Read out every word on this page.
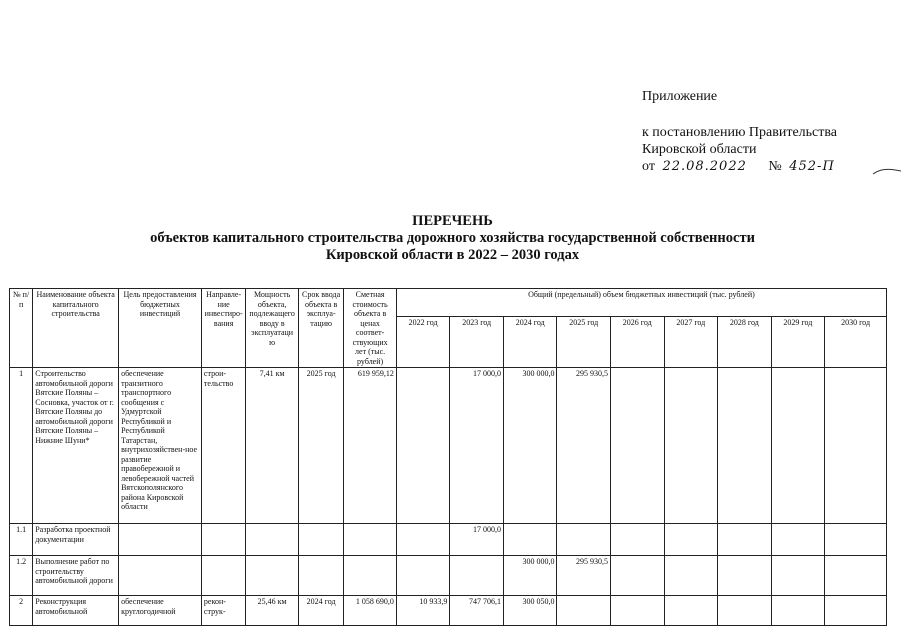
Приложение
к постановлению Правительства
Кировской области
от 22.08.2022 № 452-П
ПЕРЕЧЕНЬ
объектов капитального строительства дорожного хозяйства государственной собственности
Кировской области в 2022 – 2030 годах
№ п/п	Наименование объекта капитального строительства	Цель предоставления бюджетных инвестиций	Направле-ние инвестиро-вания	Мощность объекта, подлежащего вводу в эксплуатацию	Срок ввода объекта в эксплуа-тацию	Сметная стоимость объекта в ценах соответ-ствующих лет (тыс. рублей)	Общий (предельный) объем бюджетных инвестиций (тыс. рублей)								
							2022 год	2023 год	2024 год	2025 год	2026 год	2027 год	2028 год	2029 год	2030 год
1	Строительство автомобильной дороги Вятские Поляны – Сосновка, участок от г. Вятские Поляны до автомобильной дороги Вятские Поляны – Нижние Шуни*	обеспечение транзитного транспортного сообщения с Удмуртской Республикой и Республикой Татарстан, внутрихозяйствен-ное развитие правобережной и левобережной частей Вятскополянского района Кировской области	строи-тельство	7,41 км	2025 год	619 959,12		17 000,0	300 000,0	295 930,5					
1.1	Разработка проектной документации							17 000,0							
1.2	Выполнение работ по строительству автомобильной дороги								300 000,0	295 930,5					
2	Реконструкция автомобильной	обеспечение круглогодичной	рекон-струк-	25,46 км	2024 год	1 058 690,0	10 933,9	747 706,1	300 050,0						
